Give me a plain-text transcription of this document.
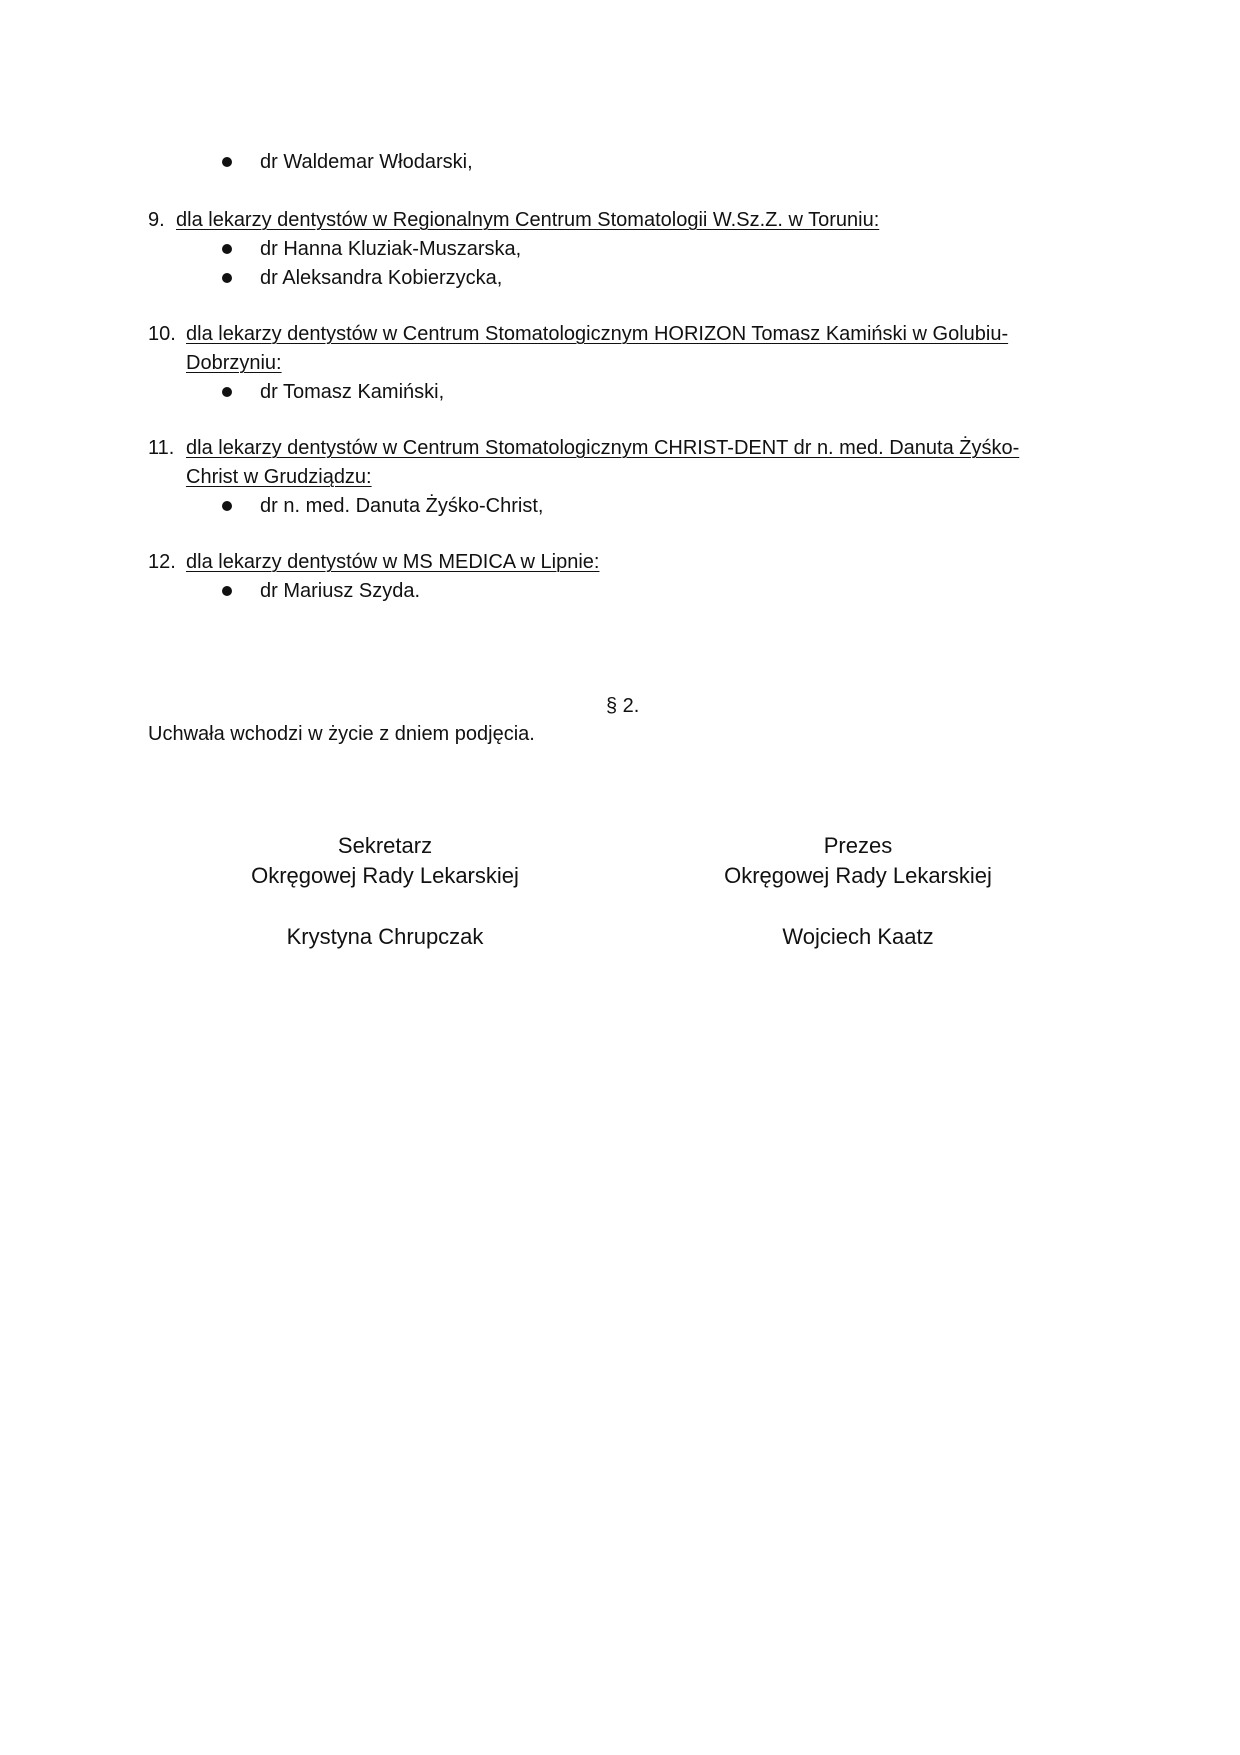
dr Waldemar Włodarski,
9. dla lekarzy dentystów w Regionalnym Centrum Stomatologii W.Sz.Z. w Toruniu:
dr Hanna Kluziak-Muszarska,
dr Aleksandra Kobierzycka,
10. dla lekarzy dentystów w Centrum Stomatologicznym HORIZON Tomasz Kamiński w Golubiu-
Dobrzyniu:
dr Tomasz Kamiński,
11. dla lekarzy dentystów w Centrum Stomatologicznym CHRIST-DENT dr n. med. Danuta Żyśko-
Christ w Grudziądzu:
dr n. med. Danuta Żyśko-Christ,
12. dla lekarzy dentystów w MS MEDICA w Lipnie:
dr Mariusz Szyda.
§ 2.
Uchwała wchodzi w życie z dniem podjęcia.
Sekretarz
Okręgowej Rady Lekarskiej
Krystyna Chrupczak
Prezes
Okręgowej Rady Lekarskiej
Wojciech Kaatz
